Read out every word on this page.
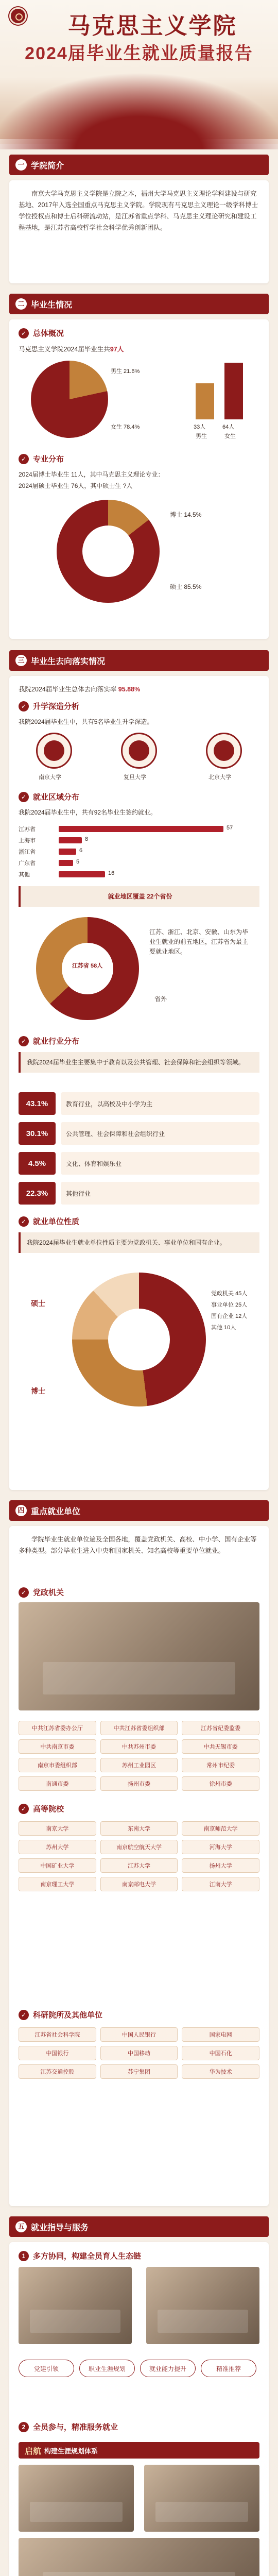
马克思主义学院
2024届毕业生就业质量报告
一 学院简介
南京大学马克思主义学院是立院之本，福州大学马克思主义理论学科建设与研究基地、2017年入选全国重点马克思主义学院。学院现有马克思主义理论一级学科博士学位授权点和博士后科研流动站，是江苏省重点学科、马克思主义理论研究和建设工程基地，是江苏省高校哲学社会科学优秀创新团队。
二 毕业生情况
✓ 总体概况
马克思主义学院2024届毕业生共97人
男生 21.6%
女生 78.4%	33人	64人
男生	女生
✓ 专业分布
2024届博士毕业生 11人，其中马克思主义理论专业：
2024届硕士毕业生 76人，其中硕士生 ?人
博士 14.5%
硕士 85.5%
三 毕业生去向落实情况
我院2024届毕业生总体去向落实率 95.88%
✓ 升学深造分析
我院2024届毕业生中，共有5名毕业生升学深造。
南京大学	复旦大学	北京大学
✓ 就业区域分布
我院2024届毕业生中，共有92名毕业生签约就业。
江苏省	57
上海市	8
浙江省	6
广东省	5
其他	16
就业地区覆盖 22个省份
江苏省 58人
江苏、浙江、北京、安徽、山东为毕业生就业的前五地区，江苏省为最主要就业地区。
省外
✓ 就业行业分布
我院2024届毕业生主要集中于教育以及公共管理、社会保障和社会组织等领域。
43.1%	教育行业，以高校及中小学为主
30.1%	公共管理、社会保障和社会组织行业
4.5%	文化、体育和娱乐业
22.3%	其他行业
✓ 就业单位性质
我院2024届毕业生就业单位性质主要为党政机关、事业单位和国有企业。
硕士
博士
党政机关 45人
事业单位 25人
国有企业 12人
其他 10人
四 重点就业单位
学院毕业生就业单位遍及全国各地，覆盖党政机关、高校、中小学、国有企业等多种类型。部分毕业生进入中央和国家机关、知名高校等重要单位就业。
✓ 党政机关
中共江苏省委办公厅	中共江苏省委组织部	江苏省纪委监委
中共南京市委	中共苏州市委	中共无锡市委
南京市委组织部	苏州工业园区	常州市纪委
南通市委	扬州市委	徐州市委
✓ 高等院校
南京大学	东南大学	南京师范大学
苏州大学	南京航空航天大学	河海大学
中国矿业大学	江苏大学	扬州大学
南京理工大学	南京邮电大学	江南大学
✓ 科研院所及其他单位
江苏省社会科学院	中国人民银行	国家电网
中国银行	中国移动	中国石化
江苏交通控股	苏宁集团	华为技术
五 就业指导与服务
1 多方协同，构建全员育人生态链
党建引领	职业生涯规划	就业能力提升	精准推荐
2 全员参与，精准服务就业
启航 构建生涯规划体系
